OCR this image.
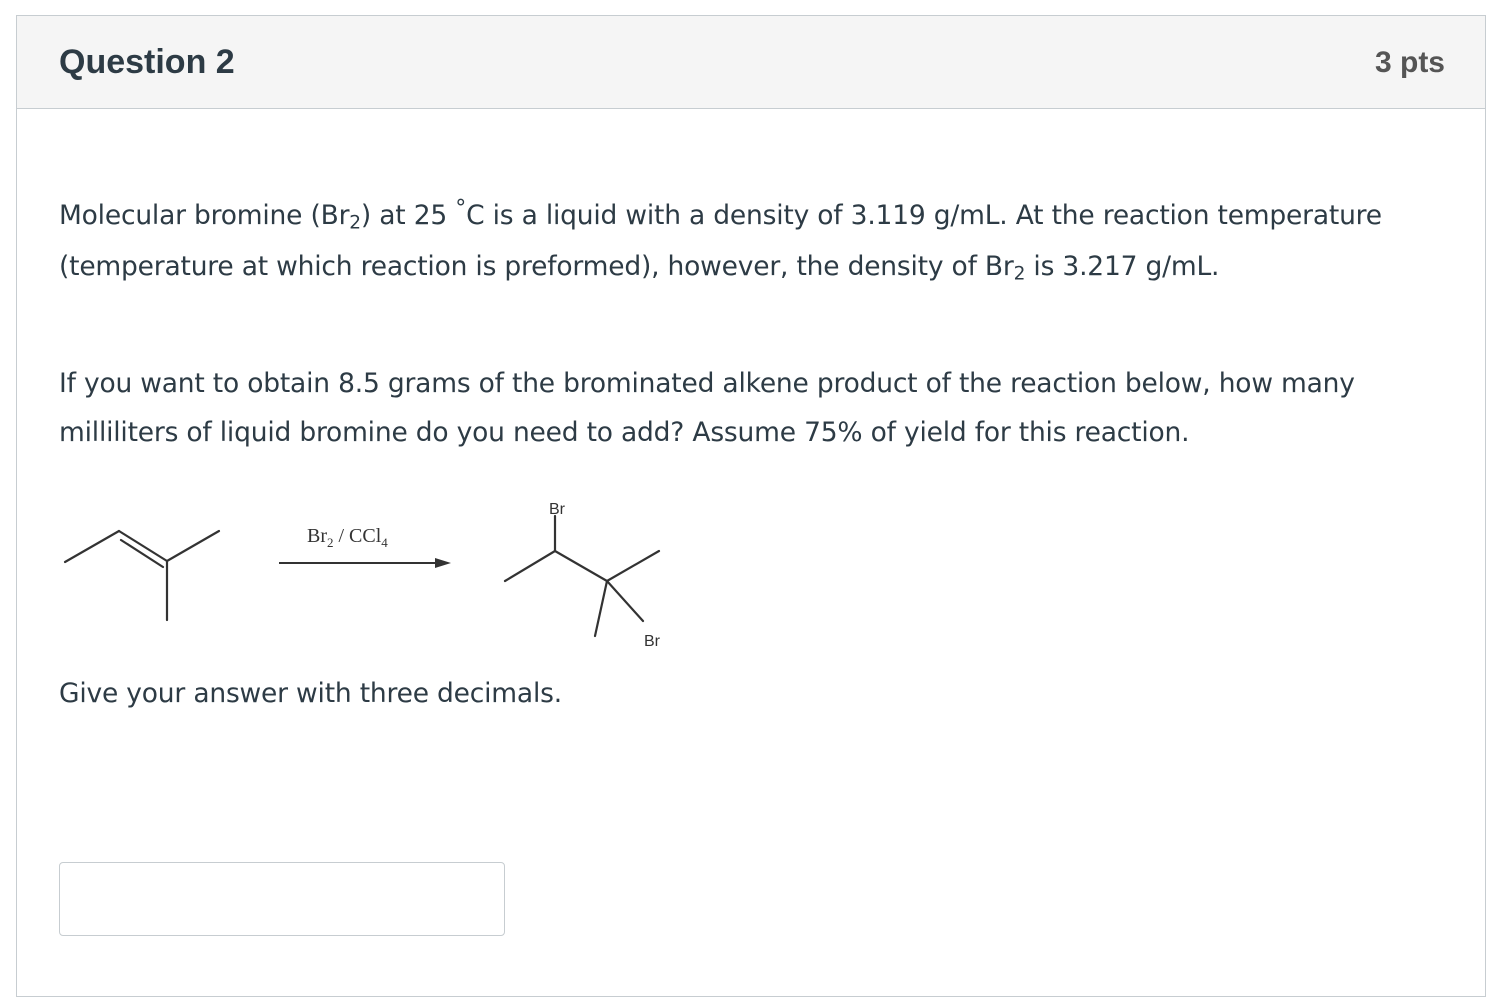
Question 2	3 pts
Molecular bromine $(Br_2)$ at 25 °C is a liquid with a density of 3.119 g/mL. At the reaction temperature (temperature at which reaction is preformed), however, the density of $Br_2$ is 3.217 g/mL.
If you want to obtain 8.5 grams of the brominated alkene product of the reaction below, how many milliliters of liquid bromine do you need to add? Assume 75% of yield for this reaction.
$Br_2 / CCl_4$
Br
Br
Give your answer with three decimals.
